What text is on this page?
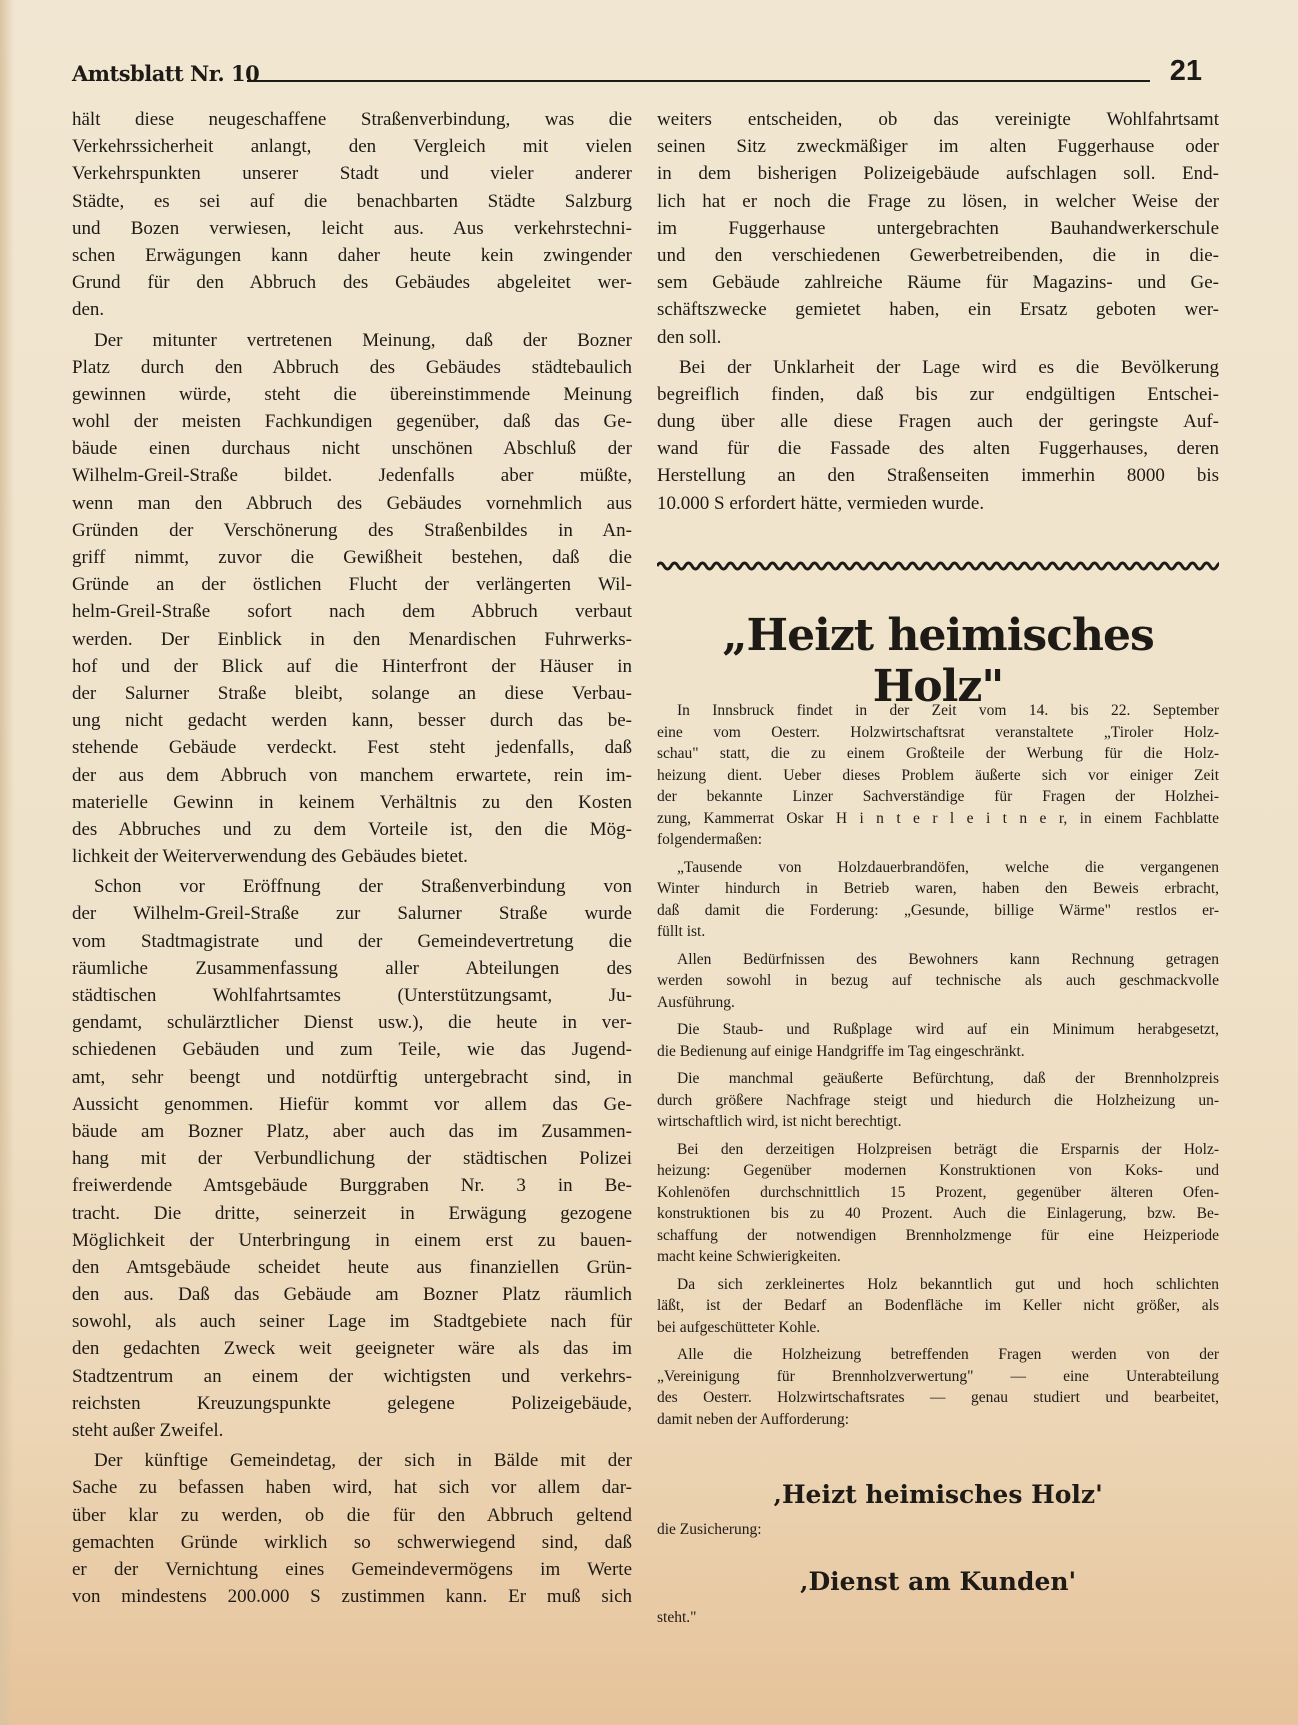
Amtsblatt Nr. 10	21
hält diese neugeschaffene Straßenverbindung, was die
Verkehrssicherheit anlangt, den Vergleich mit vielen
Verkehrspunkten unserer Stadt und vieler anderer
Städte, es sei auf die benachbarten Städte Salzburg
und Bozen verwiesen, leicht aus. Aus verkehrstechni-
schen Erwägungen kann daher heute kein zwingender
Grund für den Abbruch des Gebäudes abgeleitet wer-
den.
Der mitunter vertretenen Meinung, daß der Bozner
Platz durch den Abbruch des Gebäudes städtebaulich
gewinnen würde, steht die übereinstimmende Meinung
wohl der meisten Fachkundigen gegenüber, daß das Ge-
bäude einen durchaus nicht unschönen Abschluß der
Wilhelm-Greil-Straße bildet. Jedenfalls aber müßte,
wenn man den Abbruch des Gebäudes vornehmlich aus
Gründen der Verschönerung des Straßenbildes in An-
griff nimmt, zuvor die Gewißheit bestehen, daß die
Gründe an der östlichen Flucht der verlängerten Wil-
helm-Greil-Straße sofort nach dem Abbruch verbaut
werden. Der Einblick in den Menardischen Fuhrwerks-
hof und der Blick auf die Hinterfront der Häuser in
der Salurner Straße bleibt, solange an diese Verbau-
ung nicht gedacht werden kann, besser durch das be-
stehende Gebäude verdeckt. Fest steht jedenfalls, daß
der aus dem Abbruch von manchem erwartete, rein im-
materielle Gewinn in keinem Verhältnis zu den Kosten
des Abbruches und zu dem Vorteile ist, den die Mög-
lichkeit der Weiterverwendung des Gebäudes bietet.
Schon vor Eröffnung der Straßenverbindung von
der Wilhelm-Greil-Straße zur Salurner Straße wurde
vom Stadtmagistrate und der Gemeindevertretung die
räumliche Zusammenfassung aller Abteilungen des
städtischen Wohlfahrtsamtes (Unterstützungsamt, Ju-
gendamt, schulärztlicher Dienst usw.), die heute in ver-
schiedenen Gebäuden und zum Teile, wie das Jugend-
amt, sehr beengt und notdürftig untergebracht sind, in
Aussicht genommen. Hiefür kommt vor allem das Ge-
bäude am Bozner Platz, aber auch das im Zusammen-
hang mit der Verbundlichung der städtischen Polizei
freiwerdende Amtsgebäude Burggraben Nr. 3 in Be-
tracht. Die dritte, seinerzeit in Erwägung gezogene
Möglichkeit der Unterbringung in einem erst zu bauen-
den Amtsgebäude scheidet heute aus finanziellen Grün-
den aus. Daß das Gebäude am Bozner Platz räumlich
sowohl, als auch seiner Lage im Stadtgebiete nach für
den gedachten Zweck weit geeigneter wäre als das im
Stadtzentrum an einem der wichtigsten und verkehrs-
reichsten Kreuzungspunkte gelegene Polizeigebäude,
steht außer Zweifel.
Der künftige Gemeindetag, der sich in Bälde mit der
Sache zu befassen haben wird, hat sich vor allem dar-
über klar zu werden, ob die für den Abbruch geltend
gemachten Gründe wirklich so schwerwiegend sind, daß
er der Vernichtung eines Gemeindevermögens im Werte
von mindestens 200.000 S zustimmen kann. Er muß sich
weiters entscheiden, ob das vereinigte Wohlfahrtsamt
seinen Sitz zweckmäßiger im alten Fuggerhause oder
in dem bisherigen Polizeigebäude aufschlagen soll. End-
lich hat er noch die Frage zu lösen, in welcher Weise der
im Fuggerhause untergebrachten Bauhandwerkerschule
und den verschiedenen Gewerbetreibenden, die in die-
sem Gebäude zahlreiche Räume für Magazins- und Ge-
schäftszwecke gemietet haben, ein Ersatz geboten wer-
den soll.
Bei der Unklarheit der Lage wird es die Bevölkerung
begreiflich finden, daß bis zur endgültigen Entschei-
dung über alle diese Fragen auch der geringste Auf-
wand für die Fassade des alten Fuggerhauses, deren
Herstellung an den Straßenseiten immerhin 8000 bis
10.000 S erfordert hätte, vermieden wurde.
„Heizt heimisches Holz"
In Innsbruck findet in der Zeit vom 14. bis 22. September
eine vom Oesterr. Holzwirtschaftsrat veranstaltete „Tiroler Holz-
schau" statt, die zu einem Großteile der Werbung für die Holz-
heizung dient. Ueber dieses Problem äußerte sich vor einiger Zeit
der bekannte Linzer Sachverständige für Fragen der Holzhei-
zung, Kammerrat Oskar H i n t e r l e i t n e r, in einem Fachblatte
folgendermaßen:
„Tausende von Holzdauerbrandöfen, welche die vergangenen
Winter hindurch in Betrieb waren, haben den Beweis erbracht,
daß damit die Forderung: „Gesunde, billige Wärme" restlos er-
füllt ist.
Allen Bedürfnissen des Bewohners kann Rechnung getragen
werden sowohl in bezug auf technische als auch geschmackvolle
Ausführung.
Die Staub- und Rußplage wird auf ein Minimum herabgesetzt,
die Bedienung auf einige Handgriffe im Tag eingeschränkt.
Die manchmal geäußerte Befürchtung, daß der Brennholzpreis
durch größere Nachfrage steigt und hiedurch die Holzheizung un-
wirtschaftlich wird, ist nicht berechtigt.
Bei den derzeitigen Holzpreisen beträgt die Ersparnis der Holz-
heizung: Gegenüber modernen Konstruktionen von Koks- und
Kohlenöfen durchschnittlich 15 Prozent, gegenüber älteren Ofen-
konstruktionen bis zu 40 Prozent. Auch die Einlagerung, bzw. Be-
schaffung der notwendigen Brennholzmenge für eine Heizperiode
macht keine Schwierigkeiten.
Da sich zerkleinertes Holz bekanntlich gut und hoch schlichten
läßt, ist der Bedarf an Bodenfläche im Keller nicht größer, als
bei aufgeschütteter Kohle.
Alle die Holzheizung betreffenden Fragen werden von der
„Vereinigung für Brennholzverwertung" — eine Unterabteilung
des Oesterr. Holzwirtschaftsrates — genau studiert und bearbeitet,
damit neben der Aufforderung:
‚Heizt heimisches Holz'
die Zusicherung:
‚Dienst am Kunden'
steht."
